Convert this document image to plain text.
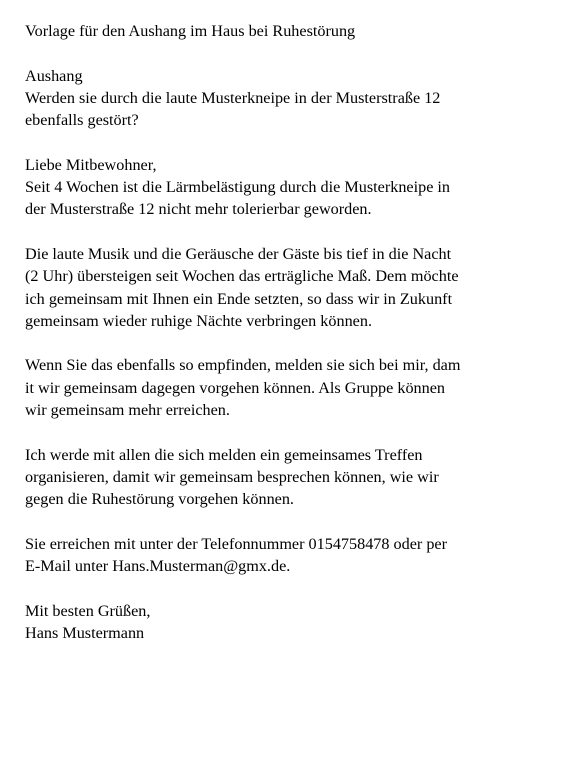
Vorlage für den Aushang im Haus bei Ruhestörung
Aushang
Werden sie durch die laute Musterkneipe in der Musterstraße 12
ebenfalls gestört?
Liebe Mitbewohner,
Seit 4 Wochen ist die Lärmbelästigung durch die Musterkneipe in
der Musterstraße 12 nicht mehr tolerierbar geworden.
Die laute Musik und die Geräusche der Gäste bis tief in die Nacht
(2 Uhr) übersteigen seit Wochen das erträgliche Maß. Dem möchte
ich gemeinsam mit Ihnen ein Ende setzten, so dass wir in Zukunft
gemeinsam wieder ruhige Nächte verbringen können.
Wenn Sie das ebenfalls so empfinden, melden sie sich bei mir, dam
it wir gemeinsam dagegen vorgehen können. Als Gruppe können
wir gemeinsam mehr erreichen.
Ich werde mit allen die sich melden ein gemeinsames Treffen
organisieren, damit wir gemeinsam besprechen können, wie wir
gegen die Ruhestörung vorgehen können.
Sie erreichen mit unter der Telefonnummer 0154758478 oder per
E-Mail unter Hans.Musterman@gmx.de.
Mit besten Grüßen,
Hans Mustermann
